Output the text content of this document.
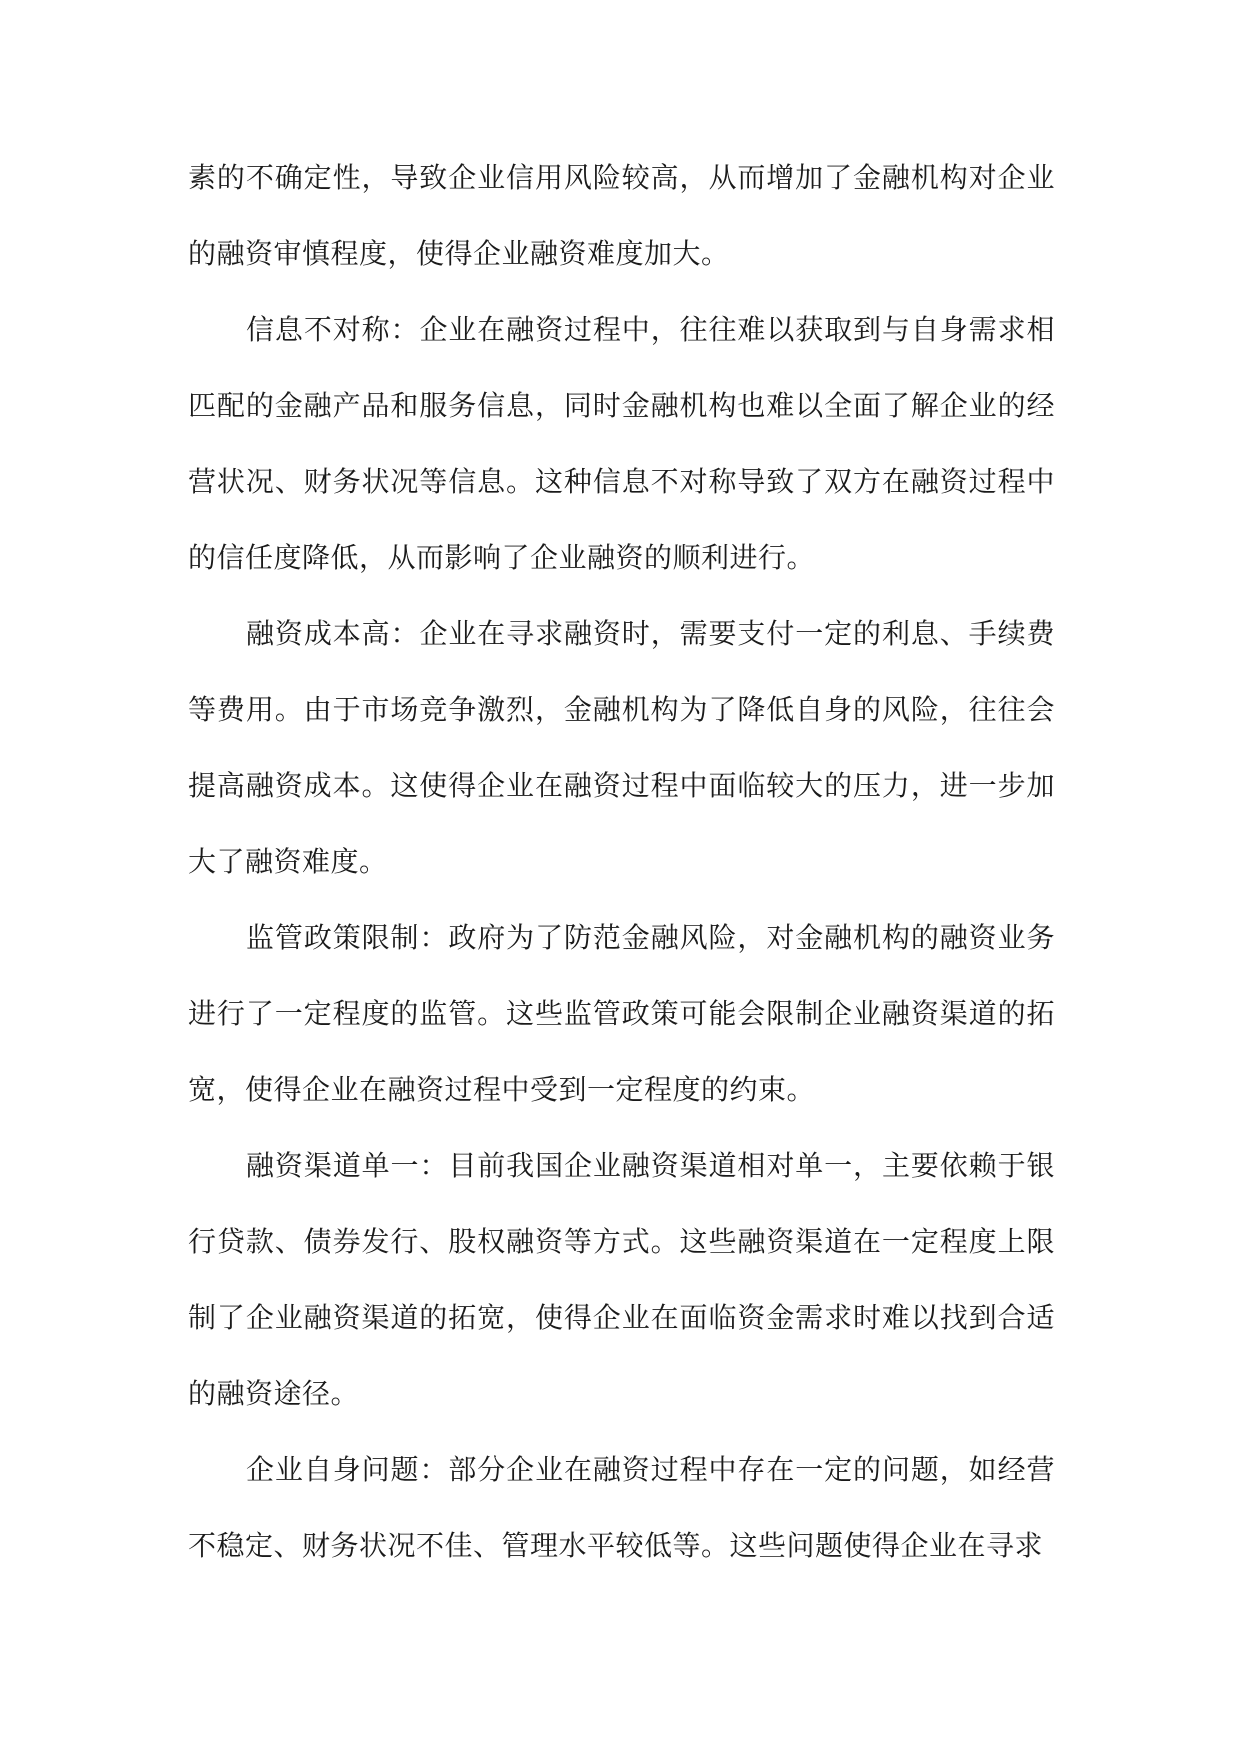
素的不确定性，导致企业信用风险较高，从而增加了金融机构对企业的融资审慎程度，使得企业融资难度加大。

信息不对称：企业在融资过程中，往往难以获取到与自身需求相匹配的金融产品和服务信息，同时金融机构也难以全面了解企业的经营状况、财务状况等信息。这种信息不对称导致了双方在融资过程中的信任度降低，从而影响了企业融资的顺利进行。

融资成本高：企业在寻求融资时，需要支付一定的利息、手续费等费用。由于市场竞争激烈，金融机构为了降低自身的风险，往往会提高融资成本。这使得企业在融资过程中面临较大的压力，进一步加大了融资难度。

监管政策限制：政府为了防范金融风险，对金融机构的融资业务进行了一定程度的监管。这些监管政策可能会限制企业融资渠道的拓宽，使得企业在融资过程中受到一定程度的约束。

融资渠道单一：目前我国企业融资渠道相对单一，主要依赖于银行贷款、债券发行、股权融资等方式。这些融资渠道在一定程度上限制了企业融资渠道的拓宽，使得企业在面临资金需求时难以找到合适的融资途径。

企业自身问题：部分企业在融资过程中存在一定的问题，如经营不稳定、财务状况不佳、管理水平较低等。这些问题使得企业在寻求
